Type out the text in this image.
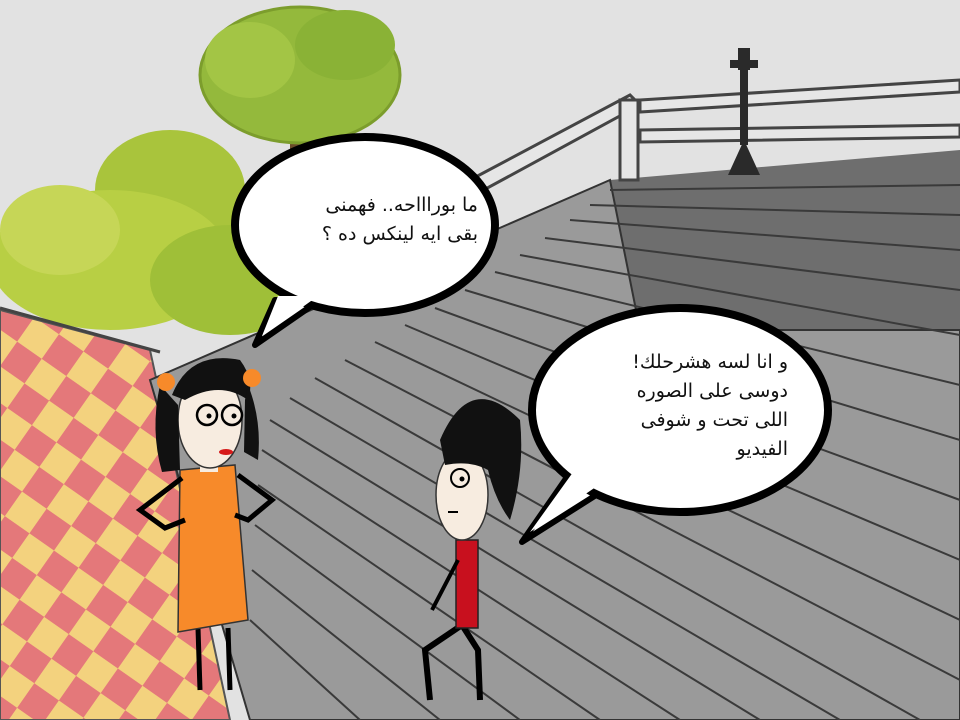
ما بوراااحه.. فهمنى
بقى ايه لينكس ده ؟
و انا لسه هشرحلك!
دوسى على الصوره
اللى تحت و شوفى
الفيديو
